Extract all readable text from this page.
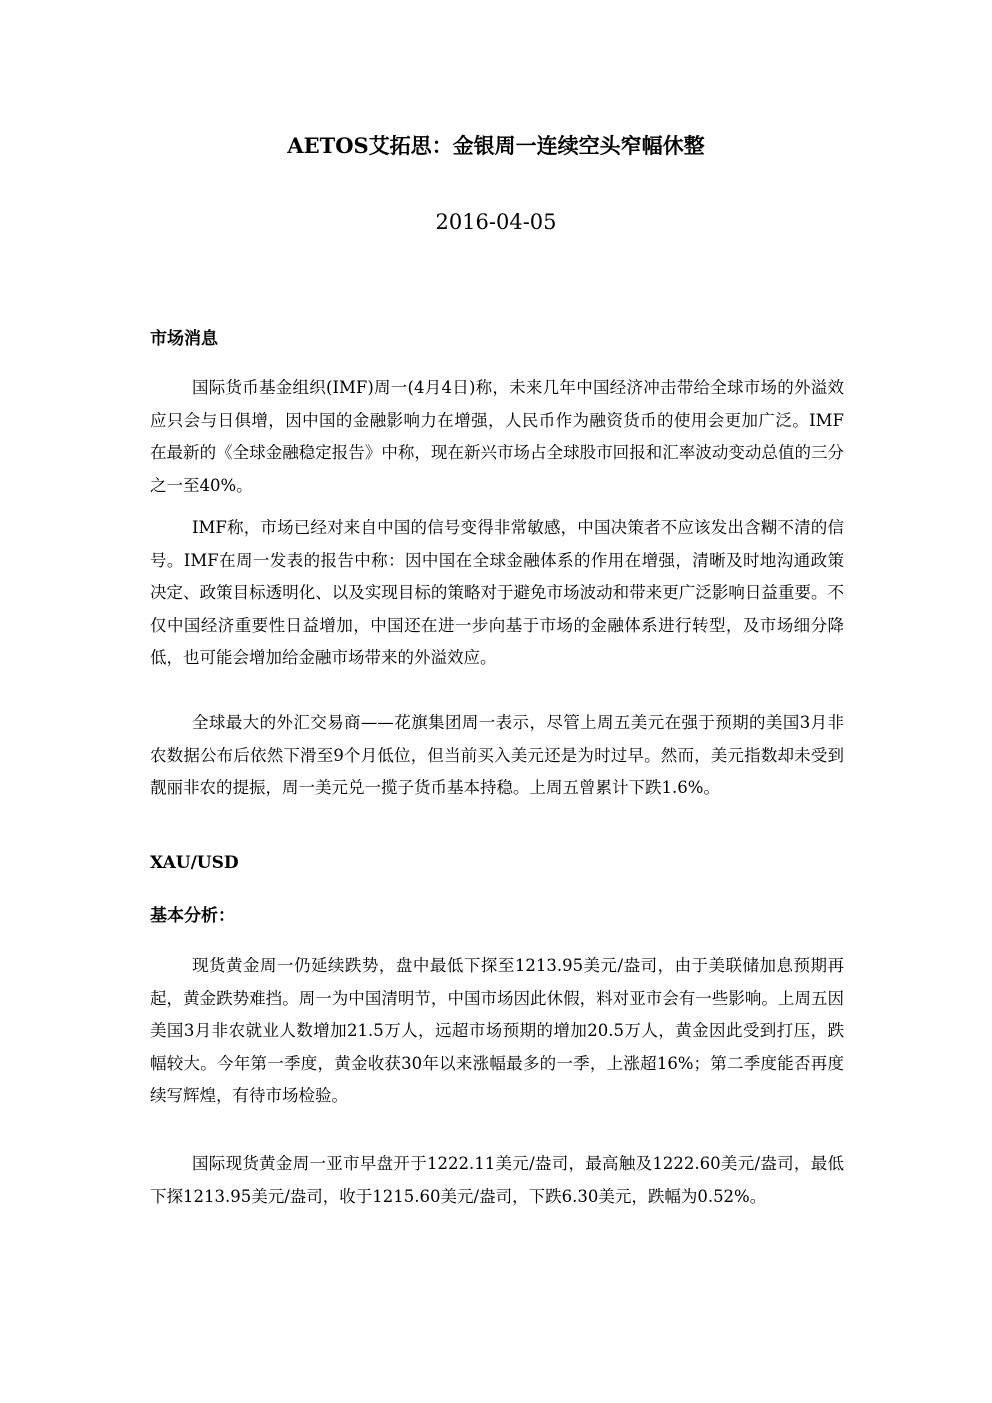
AETOS艾拓思：金银周一连续空头窄幅休整
2016-04-05
市场消息

国际货币基金组织(IMF)周一(4月4日)称，未来几年中国经济冲击带给全球市场的外溢效应只会与日俱增，因中国的金融影响力在增强，人民币作为融资货币的使用会更加广泛。IMF在最新的《全球金融稳定报告》中称，现在新兴市场占全球股市回报和汇率波动变动总值的三分之一至40%。

IMF称，市场已经对来自中国的信号变得非常敏感，中国决策者不应该发出含糊不清的信号。IMF在周一发表的报告中称：因中国在全球金融体系的作用在增强，清晰及时地沟通政策决定、政策目标透明化、以及实现目标的策略对于避免市场波动和带来更广泛影响日益重要。不仅中国经济重要性日益增加，中国还在进一步向基于市场的金融体系进行转型，及市场细分降低，也可能会增加给金融市场带来的外溢效应。

全球最大的外汇交易商——花旗集团周一表示，尽管上周五美元在强于预期的美国3月非农数据公布后依然下滑至9个月低位，但当前买入美元还是为时过早。然而，美元指数却未受到靓丽非农的提振，周一美元兑一揽子货币基本持稳。上周五曾累计下跌1.6%。

XAU/USD
基本分析：

现货黄金周一仍延续跌势，盘中最低下探至1213.95美元/盎司，由于美联储加息预期再起，黄金跌势难挡。周一为中国清明节，中国市场因此休假，料对亚市会有一些影响。上周五因美国3月非农就业人数增加21.5万人，远超市场预期的增加20.5万人，黄金因此受到打压，跌幅较大。今年第一季度，黄金收获30年以来涨幅最多的一季，上涨超16%；第二季度能否再度续写辉煌，有待市场检验。

国际现货黄金周一亚市早盘开于1222.11美元/盎司，最高触及1222.60美元/盎司，最低下探1213.95美元/盎司，收于1215.60美元/盎司，下跌6.30美元，跌幅为0.52%。
